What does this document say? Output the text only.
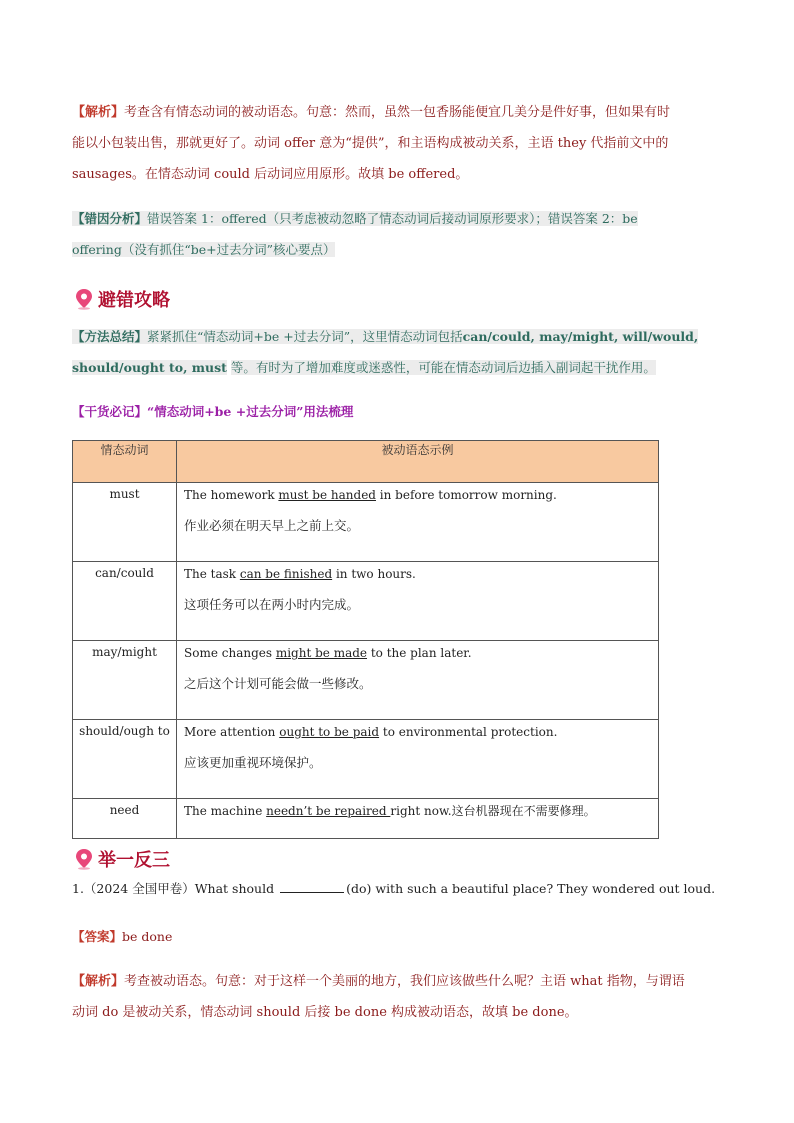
【解析】考查含有情态动词的被动语态。句意：然而，虽然一包香肠能便宜几美分是件好事，但如果有时
能以小包装出售，那就更好了。动词 offer 意为“提供”，和主语构成被动关系，主语 they 代指前文中的
sausages。在情态动词 could 后动词应用原形。故填 be offered。
【错因分析】错误答案 1：offered（只考虑被动忽略了情态动词后接动词原形要求）；错误答案 2：be
offering（没有抓住“be+过去分词”核心要点）
避错攻略
【方法总结】紧紧抓住“情态动词+be +过去分词”，这里情态动词包括can/could, may/might, will/would,
should/ought to, must 等。有时为了增加难度或迷惑性，可能在情态动词后边插入副词起干扰作用。
【干货必记】“情态动词+be +过去分词”用法梳理
情态动词	被动语态示例
must	The homework must be handed in before tomorrow morning.

作业必须在明天早上之前上交。

can/could	The task can be finished in two hours.

这项任务可以在两小时内完成。

may/might	Some changes might be made to the plan later.

之后这个计划可能会做一些修改。

should/ough to	More attention ought to be paid to environmental protection.

应该更加重视环境保护。

need	The machine needn’t be repaired right now.这台机器现在不需要修理。

举一反三
1.（2024 全国甲卷）What should	(do) with such a beautiful place? They wondered out loud.
【答案】be done
【解析】考查被动语态。句意：对于这样一个美丽的地方，我们应该做些什么呢？主语 what 指物，与谓语
动词 do 是被动关系，情态动词 should 后接 be done 构成被动语态，故填 be done。
